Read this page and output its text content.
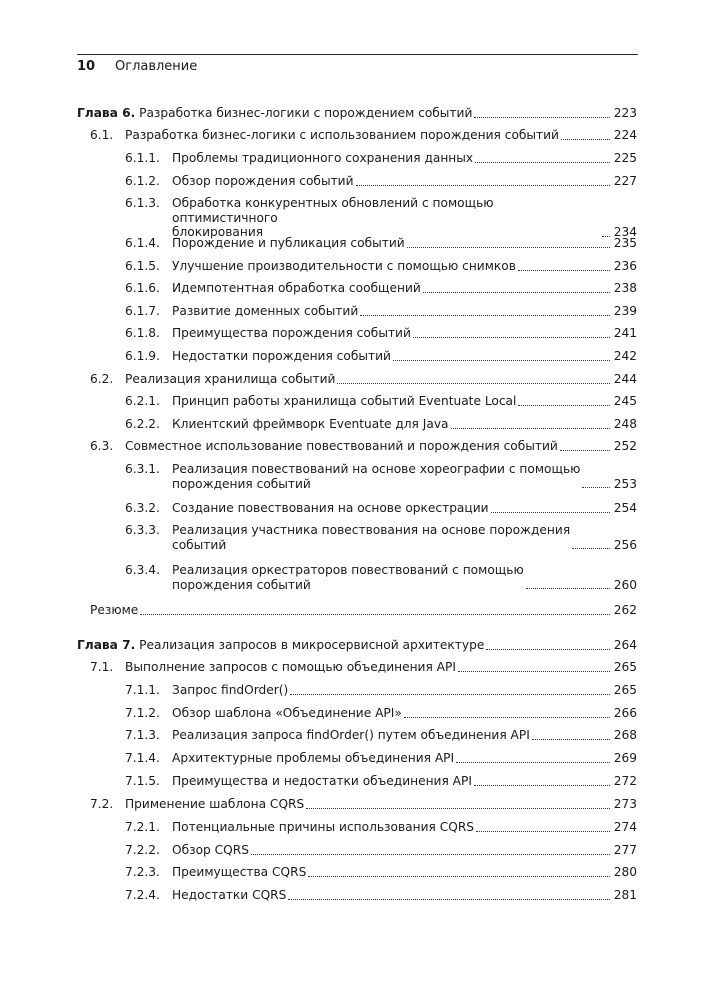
10	Оглавление
Глава 6. Разработка бизнес-логики с порождением событий	223
6.1. Разработка бизнес-логики с использованием порождения событий	224
6.1.1. Проблемы традиционного сохранения данных	225
6.1.2. Обзор порождения событий	227
6.1.3. Обработка конкурентных обновлений с помощью оптимистичного
блокирования	234
6.1.4. Порождение и публикация событий	235
6.1.5. Улучшение производительности с помощью снимков	236
6.1.6. Идемпотентная обработка сообщений	238
6.1.7. Развитие доменных событий	239
6.1.8. Преимущества порождения событий	241
6.1.9. Недостатки порождения событий	242
6.2. Реализация хранилища событий	244
6.2.1. Принцип работы хранилища событий Eventuate Local	245
6.2.2. Клиентский фреймворк Eventuate для Java	248
6.3. Совместное использование повествований и порождения событий	252
6.3.1. Реализация повествований на основе хореографии с помощью
порождения событий	253
6.3.2. Создание повествования на основе оркестрации	254
6.3.3. Реализация участника повествования на основе порождения
событий	256
6.3.4. Реализация оркестраторов повествований с помощью
порождения событий	260
Резюме	262
Глава 7. Реализация запросов в микросервисной архитектуре	264
7.1. Выполнение запросов с помощью объединения API	265
7.1.1. Запрос findOrder()	265
7.1.2. Обзор шаблона «Объединение API»	266
7.1.3. Реализация запроса findOrder() путем объединения API	268
7.1.4. Архитектурные проблемы объединения API	269
7.1.5. Преимущества и недостатки объединения API	272
7.2. Применение шаблона CQRS	273
7.2.1. Потенциальные причины использования CQRS	274
7.2.2. Обзор CQRS	277
7.2.3. Преимущества CQRS	280
7.2.4. Недостатки CQRS	281
